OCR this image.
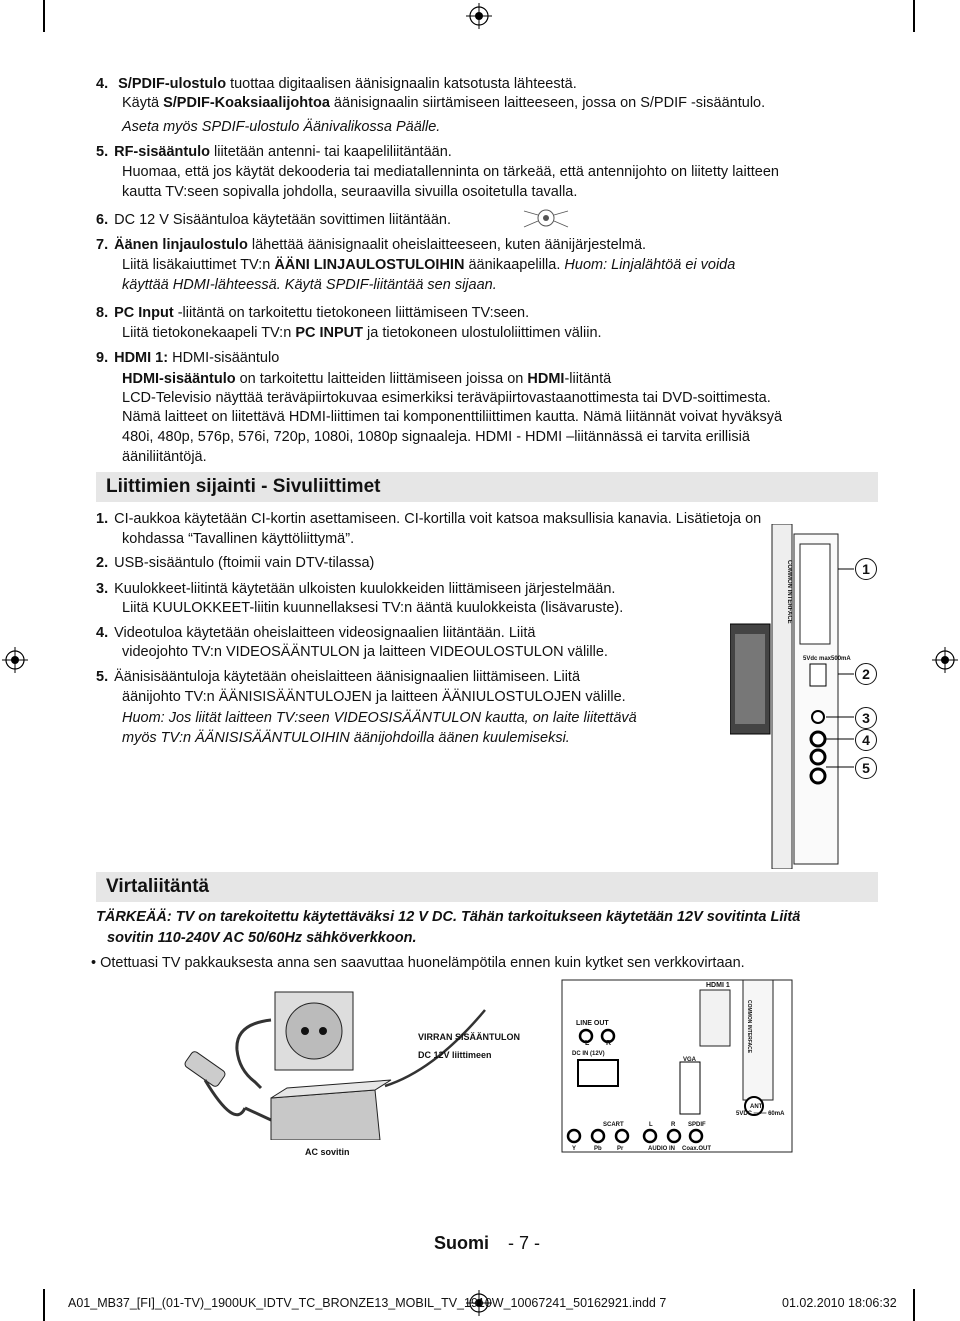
4. S/PDIF-ulostulo tuottaa digitaalisen äänisignaalin katsotusta lähteestä.
Käytä S/PDIF-Koaksiaalijohtoa äänisignaalin siirtämiseen laitteeseen, jossa on S/PDIF -sisääntulo.
Aseta myös SPDIF-ulostulo Äänivalikossa Päälle.
5. RF-sisääntulo liitetään antenni- tai kaapeliliitäntään.
Huomaa, että jos käytät dekooderia tai mediatallenninta on tärkeää, että antennijohto on liitetty laitteen
kautta TV:seen sopivalla johdolla, seuraavilla sivuilla osoitetulla tavalla.
6. DC 12 V Sisääntuloa käytetään sovittimen liitäntään.
7. Äänen linjaulostulo lähettää äänisignaalit oheislaitteeseen, kuten äänijärjestelmä.
Liitä lisäkaiuttimet TV:n ÄÄNI LINJAULOSTULOIHIN äänikaapelilla. Huom: Linjalähtöä ei voida
käyttää HDMI-lähteessä. Käytä SPDIF-liitäntää sen sijaan.
8. PC Input -liitäntä on tarkoitettu tietokoneen liittämiseen TV:seen.
Liitä tietokonekaapeli TV:n PC INPUT ja tietokoneen ulostuloliittimen väliin.
9. HDMI 1: HDMI-sisääntulo
HDMI-sisääntulo on tarkoitettu laitteiden liittämiseen joissa on HDMI-liitäntä
LCD-Televisio näyttää teräväpiirtokuvaa esimerkiksi teräväpiirtovastaanottimesta tai DVD-soittimesta.
Nämä laitteet on liitettävä HDMI-liittimen tai komponenttiliittimen kautta. Nämä liitännät voivat hyväksyä
480i, 480p, 576p, 576i, 720p, 1080i, 1080p signaaleja. HDMI - HDMI –liitännässä ei tarvita erillisiä
ääniliitäntöjä.
Liittimien sijainti - Sivuliittimet
1. CI-aukkoa käytetään CI-kortin asettamiseen. CI-kortilla voit katsoa maksullisia kanavia. Lisätietoja on
kohdassa “Tavallinen käyttöliittymä”.
2. USB-sisääntulo (ftoimii vain DTV-tilassa)
3. Kuulokkeet-liitintä käytetään ulkoisten kuulokkeiden liittämiseen järjestelmään.
Liitä KUULOKKEET-liitin kuunnellaksesi TV:n ääntä kuulokkeista (lisävaruste).
4. Videotuloa käytetään oheislaitteen videosignaalien liitäntään. Liitä
videojohto TV:n VIDEOSÄÄNTULON ja laitteen VIDEOULOSTULON välille.
5. Äänisisääntuloja käytetään oheislaitteen äänisignaalien liittämiseen. Liitä
äänijohto TV:n ÄÄNISISÄÄNTULOJEN ja laitteen ÄÄNIULOSTULOJEN välille.
Huom: Jos liität laitteen TV:seen VIDEOSISÄÄNTULON kautta, on laite liitettävä
myös TV:n ÄÄNISISÄÄNTULOIHIN äänijohdoilla äänen kuulemiseksi.
COMMON INTERFACE
5Vdc max500mA
1
2
3
4
5
Virtaliitäntä
TÄRKEÄÄ: TV on tarekoitettu käytettäväksi 12 V DC. Tähän tarkoitukseen käytetään 12V sovitinta Liitä
sovitin 110-240V AC 50/60Hz sähköverkkoon.
• Otettuasi TV pakkauksesta anna sen saavuttaa huonelämpötila ennen kuin kytket sen verkkovirtaan.
VIRRAN SISÄÄNTULON
DC 12V liittimeen
AC sovitin
HDMI 1
LINE OUT
L R
DC IN (12V)
VGA
ANT
5VDC ═══ 60mA
SCART	L	R SPDIF
Y	Pb	Pr	AUDIO IN Coax.OUT
COMMON INTERFACE
Suomi - 7 -
A01_MB37_[FI]_(01-TV)_1900UK_IDTV_TC_BRONZE13_MOBIL_TV_1910W_10067241_50162921.indd 7	01.02.2010 18:06:32
